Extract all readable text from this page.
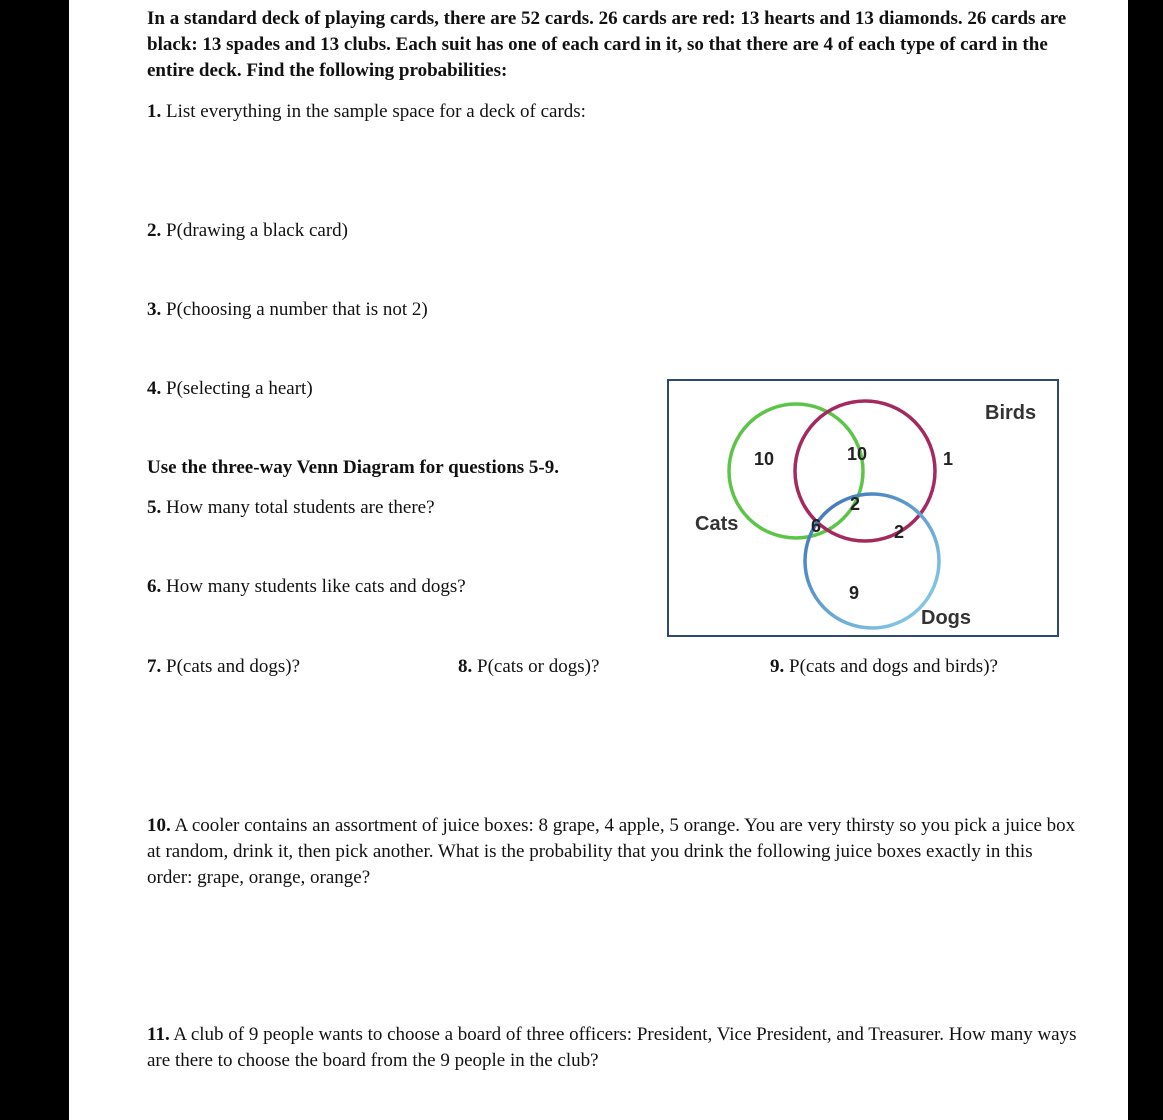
In a standard deck of playing cards, there are 52 cards. 26 cards are red: 13 hearts and 13 diamonds. 26 cards are black: 13 spades and 13 clubs. Each suit has one of each card in it, so that there are 4 of each type of card in the entire deck. Find the following probabilities:
1. List everything in the sample space for a deck of cards:
2. P(drawing a black card)
3. P(choosing a number that is not 2)
4. P(selecting a heart)
Use the three-way Venn Diagram for questions 5-9.
5. How many total students are there?
6. How many students like cats and dogs?
7. P(cats and dogs)?	8. P(cats or dogs)?	9. P(cats and dogs and birds)?
10. A cooler contains an assortment of juice boxes: 8 grape, 4 apple, 5 orange. You are very thirsty so you pick a juice box at random, drink it, then pick another. What is the probability that you drink the following juice boxes exactly in this order: grape, orange, orange?
11. A club of 9 people wants to choose a board of three officers: President, Vice President, and Treasurer. How many ways are there to choose the board from the 9 people in the club?
Cats
Birds
Dogs
10	10	1
2
6	2
9
